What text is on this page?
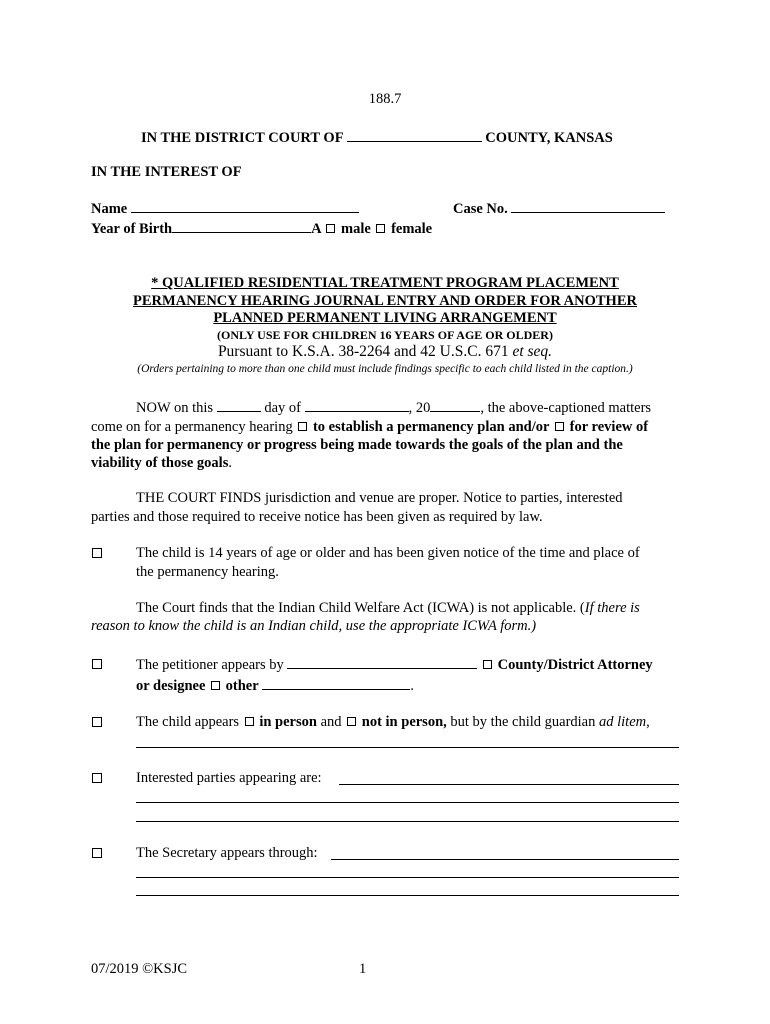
188.7
IN THE DISTRICT COURT OF	COUNTY, KANSAS
IN THE INTEREST OF
Name	Case No.
Year of Birth	A male female
* QUALIFIED RESIDENTIAL TREATMENT PROGRAM PLACEMENT
PERMANENCY HEARING JOURNAL ENTRY AND ORDER FOR ANOTHER
PLANNED PERMANENT LIVING ARRANGEMENT
(ONLY USE FOR CHILDREN 16 YEARS OF AGE OR OLDER)
Pursuant to K.S.A. 38-2264 and 42 U.S.C. 671 et seq.
(Orders pertaining to more than one child must include findings specific to each child listed in the caption.)
NOW on this	day of	, 20	, the above-captioned matters
come on for a permanency hearing to establish a permanency plan and/or for review of
the plan for permanency or progress being made towards the goals of the plan and the
viability of those goals.
THE COURT FINDS jurisdiction and venue are proper. Notice to parties, interested
parties and those required to receive notice has been given as required by law.
The child is 14 years of age or older and has been given notice of the time and place of
the permanency hearing.
The Court finds that the Indian Child Welfare Act (ICWA) is not applicable. (If there is
reason to know the child is an Indian child, use the appropriate ICWA form.)
The petitioner appears by	County/District Attorney
or designee other	.
The child appears in person and not in person, but by the child guardian ad litem,
Interested parties appearing are:
The Secretary appears through:
07/2019 ©KSJC	1
